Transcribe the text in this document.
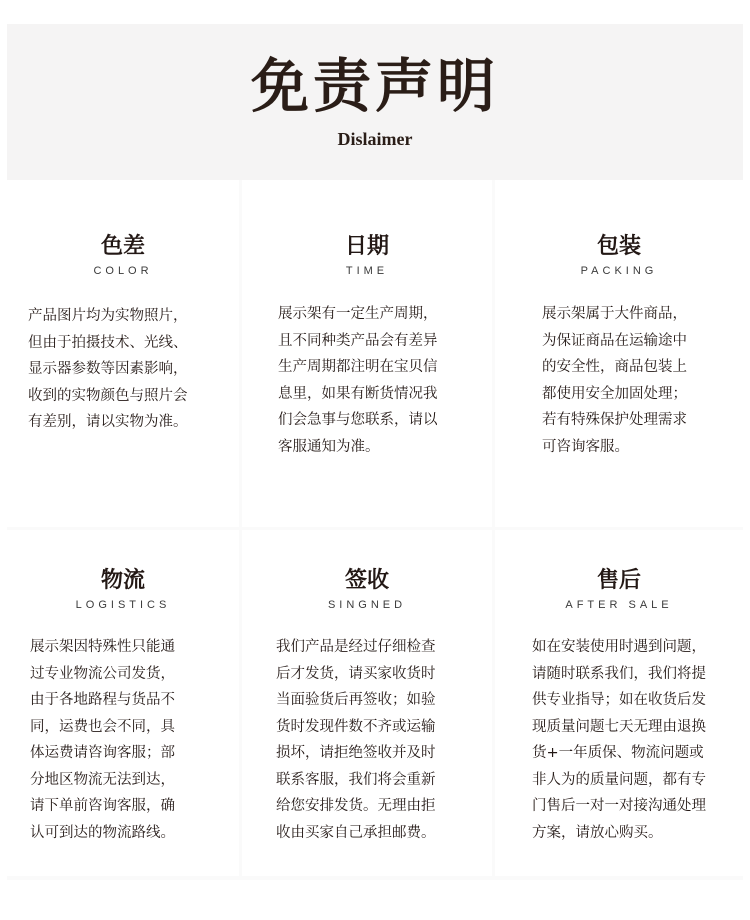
免责声明
Dislaimer
色差
COLOR
产品图片均为实物照片，
但由于拍摄技术、光线、
显示器参数等因素影响，
收到的实物颜色与照片会
有差别，请以实物为准。
日期
TIME
展示架有一定生产周期，
且不同种类产品会有差异
生产周期都注明在宝贝信
息里，如果有断货情况我
们会急事与您联系，请以
客服通知为准。
包装
PACKING
展示架属于大件商品，
为保证商品在运输途中
的安全性，商品包装上
都使用安全加固处理；
若有特殊保护处理需求
可咨询客服。
物流
LOGISTICS
展示架因特殊性只能通
过专业物流公司发货，
由于各地路程与货品不
同，运费也会不同，具
体运费请咨询客服；部
分地区物流无法到达，
请下单前咨询客服，确
认可到达的物流路线。
签收
SINGNED
我们产品是经过仔细检查
后才发货，请买家收货时
当面验货后再签收；如验
货时发现件数不齐或运输
损坏，请拒绝签收并及时
联系客服，我们将会重新
给您安排发货。无理由拒
收由买家自己承担邮费。
售后
AFTER SALE
如在安装使用时遇到问题，
请随时联系我们，我们将提
供专业指导；如在收货后发
现质量问题七天无理由退换
货+一年质保、物流问题或
非人为的质量问题，都有专
门售后一对一对接沟通处理
方案，请放心购买。
